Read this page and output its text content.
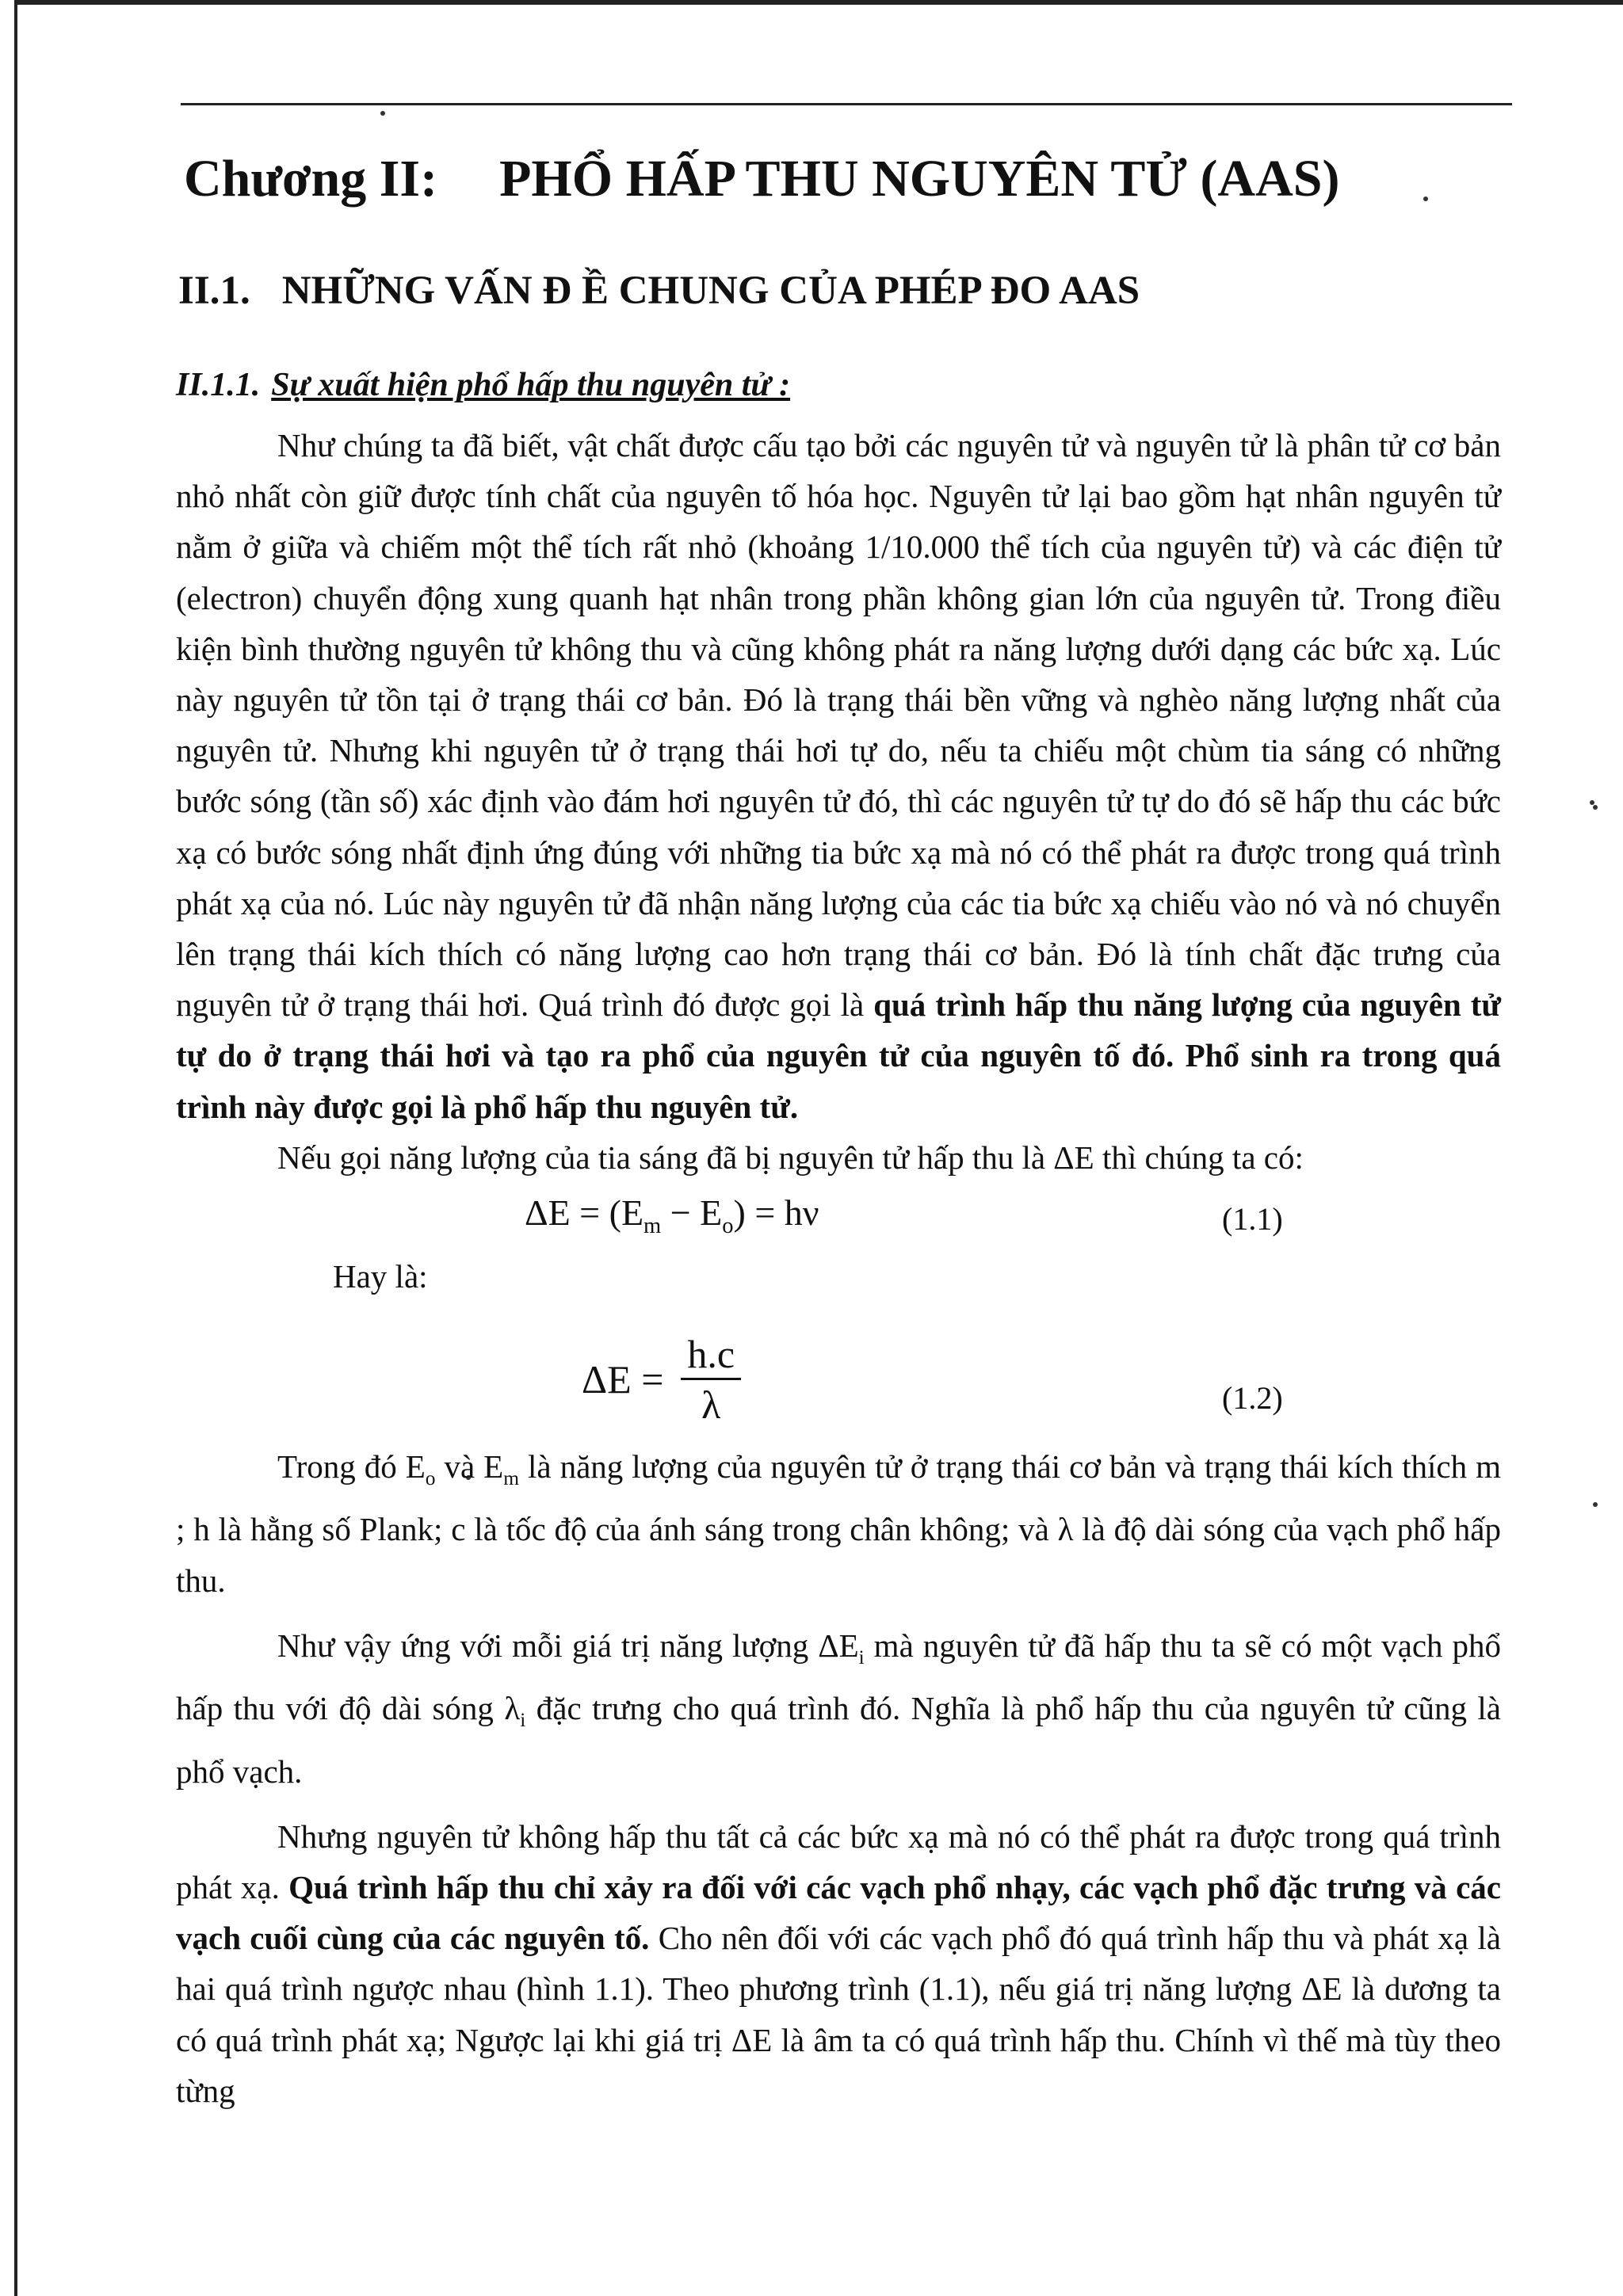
Chương II: PHỔ HẤP THU NGUYÊN TỬ (AAS)
II.1. NHỮNG VẤN Đ Ề CHUNG CỦA PHÉP ĐO AAS
II.1.1. Sự xuất hiện phổ hấp thu nguyên tử :

Như chúng ta đã biết, vật chất được cấu tạo bởi các nguyên tử và nguyên tử là phân tử cơ bản nhỏ nhất còn giữ được tính chất của nguyên tố hóa học. Nguyên tử lại bao gồm hạt nhân nguyên tử nằm ở giữa và chiếm một thể tích rất nhỏ (khoảng 1/10.000 thể tích của nguyên tử) và các điện tử (electron) chuyển động xung quanh hạt nhân trong phần không gian lớn của nguyên tử. Trong điều kiện bình thường nguyên tử không thu và cũng không phát ra năng lượng dưới dạng các bức xạ. Lúc này nguyên tử tồn tại ở trạng thái cơ bản. Đó là trạng thái bền vững và nghèo năng lượng nhất của nguyên tử. Nhưng khi nguyên tử ở trạng thái hơi tự do, nếu ta chiếu một chùm tia sáng có những bước sóng (tần số) xác định vào đám hơi nguyên tử đó, thì các nguyên tử tự do đó sẽ hấp thu các bức xạ có bước sóng nhất định ứng đúng với những tia bức xạ mà nó có thể phát ra được trong quá trình phát xạ của nó. Lúc này nguyên tử đã nhận năng lượng của các tia bức xạ chiếu vào nó và nó chuyển lên trạng thái kích thích có năng lượng cao hơn trạng thái cơ bản. Đó là tính chất đặc trưng của nguyên tử ở trạng thái hơi. Quá trình đó được gọi là quá trình hấp thu năng lượng của nguyên tử tự do ở trạng thái hơi và tạo ra phổ của nguyên tử của nguyên tố đó. Phổ sinh ra trong quá trình này được gọi là phổ hấp thu nguyên tử.

Nếu gọi năng lượng của tia sáng đã bị nguyên tử hấp thu là ΔE thì chúng ta có:

$\Delta E = (E_m - E_o) = h\nu$	(1.1)
Hay là:
$\Delta E = \frac{h.c}{\lambda}$	(1.2)

Trong đó $E_o$ và $E_m$ là năng lượng của nguyên tử ở trạng thái cơ bản và trạng thái kích thích m ; h là hằng số Plank; c là tốc độ của ánh sáng trong chân không; và λ là độ dài sóng của vạch phổ hấp thu.

Như vậy ứng với mỗi giá trị năng lượng $\Delta E_i$ mà nguyên tử đã hấp thu ta sẽ có một vạch phổ hấp thu với độ dài sóng $\lambda_i$ đặc trưng cho quá trình đó. Nghĩa là phổ hấp thu của nguyên tử cũng là phổ vạch.

Nhưng nguyên tử không hấp thu tất cả các bức xạ mà nó có thể phát ra được trong quá trình phát xạ. Quá trình hấp thu chỉ xảy ra đối với các vạch phổ nhạy, các vạch phổ đặc trưng và các vạch cuối cùng của các nguyên tố. Cho nên đối với các vạch phổ đó quá trình hấp thu và phát xạ là hai quá trình ngược nhau (hình 1.1). Theo phương trình (1.1), nếu giá trị năng lượng ΔE là dương ta có quá trình phát xạ; Ngược lại khi giá trị ΔE là âm ta có quá trình hấp thu. Chính vì thế mà tùy theo từng
